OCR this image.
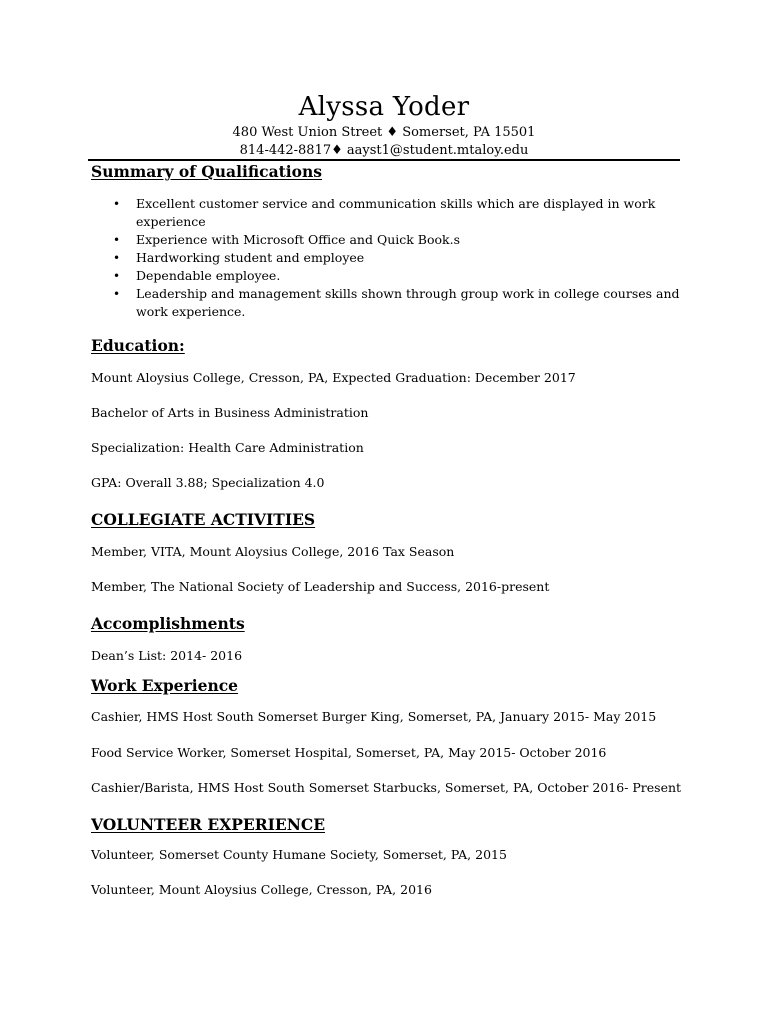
Alyssa Yoder
480 West Union Street ♦ Somerset, PA 15501
814-442-8817♦ aayst1@student.mtaloy.edu
Summary of Qualifications
• Excellent customer service and communication skills which are displayed in work experience
• Experience with Microsoft Office and Quick Book.s
• Hardworking student and employee
• Dependable employee.
• Leadership and management skills shown through group work in college courses and work experience.
Education:
Mount Aloysius College, Cresson, PA, Expected Graduation: December 2017
Bachelor of Arts in Business Administration
Specialization: Health Care Administration
GPA: Overall 3.88; Specialization 4.0
COLLEGIATE ACTIVITIES
Member, VITA, Mount Aloysius College, 2016 Tax Season
Member, The National Society of Leadership and Success, 2016-present
Accomplishments
Dean’s List: 2014- 2016
Work Experience
Cashier, HMS Host South Somerset Burger King, Somerset, PA, January 2015- May 2015
Food Service Worker, Somerset Hospital, Somerset, PA, May 2015- October 2016
Cashier/Barista, HMS Host South Somerset Starbucks, Somerset, PA, October 2016- Present
VOLUNTEER EXPERIENCE
Volunteer, Somerset County Humane Society, Somerset, PA, 2015
Volunteer, Mount Aloysius College, Cresson, PA, 2016
